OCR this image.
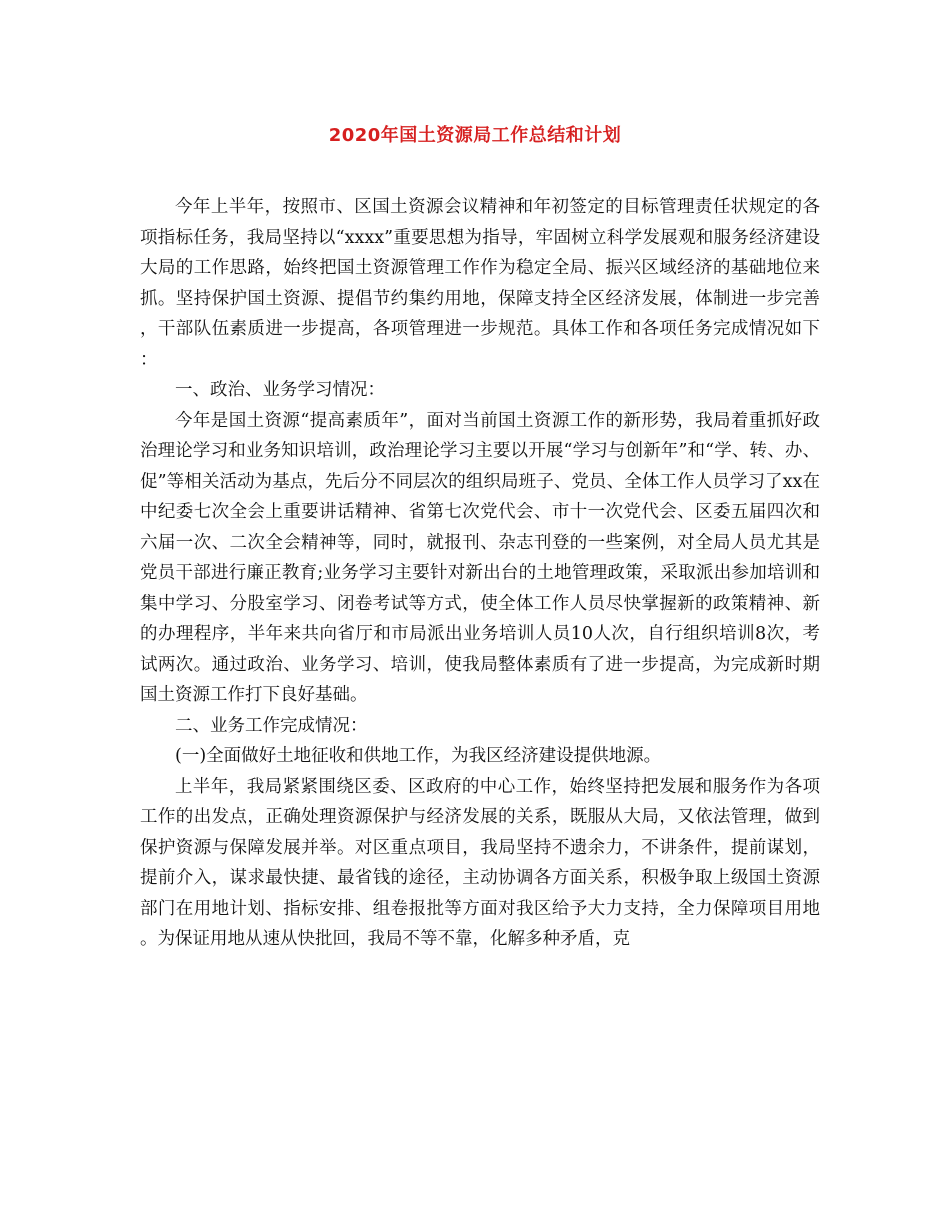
2020年国土资源局工作总结和计划

今年上半年，按照市、区国土资源会议精神和年初签定的目标管理责任状规定的各项指标任务，我局坚持以“xxxx”重要思想为指导，牢固树立科学发展观和服务经济建设大局的工作思路，始终把国土资源管理工作作为稳定全局、振兴区域经济的基础地位来抓。坚持保护国土资源、提倡节约集约用地，保障支持全区经济发展，体制进一步完善，干部队伍素质进一步提高，各项管理进一步规范。具体工作和各项任务完成情况如下：

一、政治、业务学习情况：

今年是国土资源“提高素质年”，面对当前国土资源工作的新形势，我局着重抓好政治理论学习和业务知识培训，政治理论学习主要以开展“学习与创新年”和“学、转、办、促”等相关活动为基点，先后分不同层次的组织局班子、党员、全体工作人员学习了xx在中纪委七次全会上重要讲话精神、省第七次党代会、市十一次党代会、区委五届四次和六届一次、二次全会精神等，同时，就报刊、杂志刊登的一些案例，对全局人员尤其是党员干部进行廉正教育;业务学习主要针对新出台的土地管理政策，采取派出参加培训和集中学习、分股室学习、闭卷考试等方式，使全体工作人员尽快掌握新的政策精神、新的办理程序，半年来共向省厅和市局派出业务培训人员10人次，自行组织培训8次，考试两次。通过政治、业务学习、培训，使我局整体素质有了进一步提高，为完成新时期国土资源工作打下良好基础。

二、业务工作完成情况：

(一)全面做好土地征收和供地工作，为我区经济建设提供地源。

上半年，我局紧紧围绕区委、区政府的中心工作，始终坚持把发展和服务作为各项工作的出发点，正确处理资源保护与经济发展的关系，既服从大局，又依法管理，做到保护资源与保障发展并举。对区重点项目，我局坚持不遗余力，不讲条件，提前谋划，提前介入，谋求最快捷、最省钱的途径，主动协调各方面关系，积极争取上级国土资源部门在用地计划、指标安排、组卷报批等方面对我区给予大力支持，全力保障项目用地。为保证用地从速从快批回，我局不等不靠，化解多种矛盾，克
